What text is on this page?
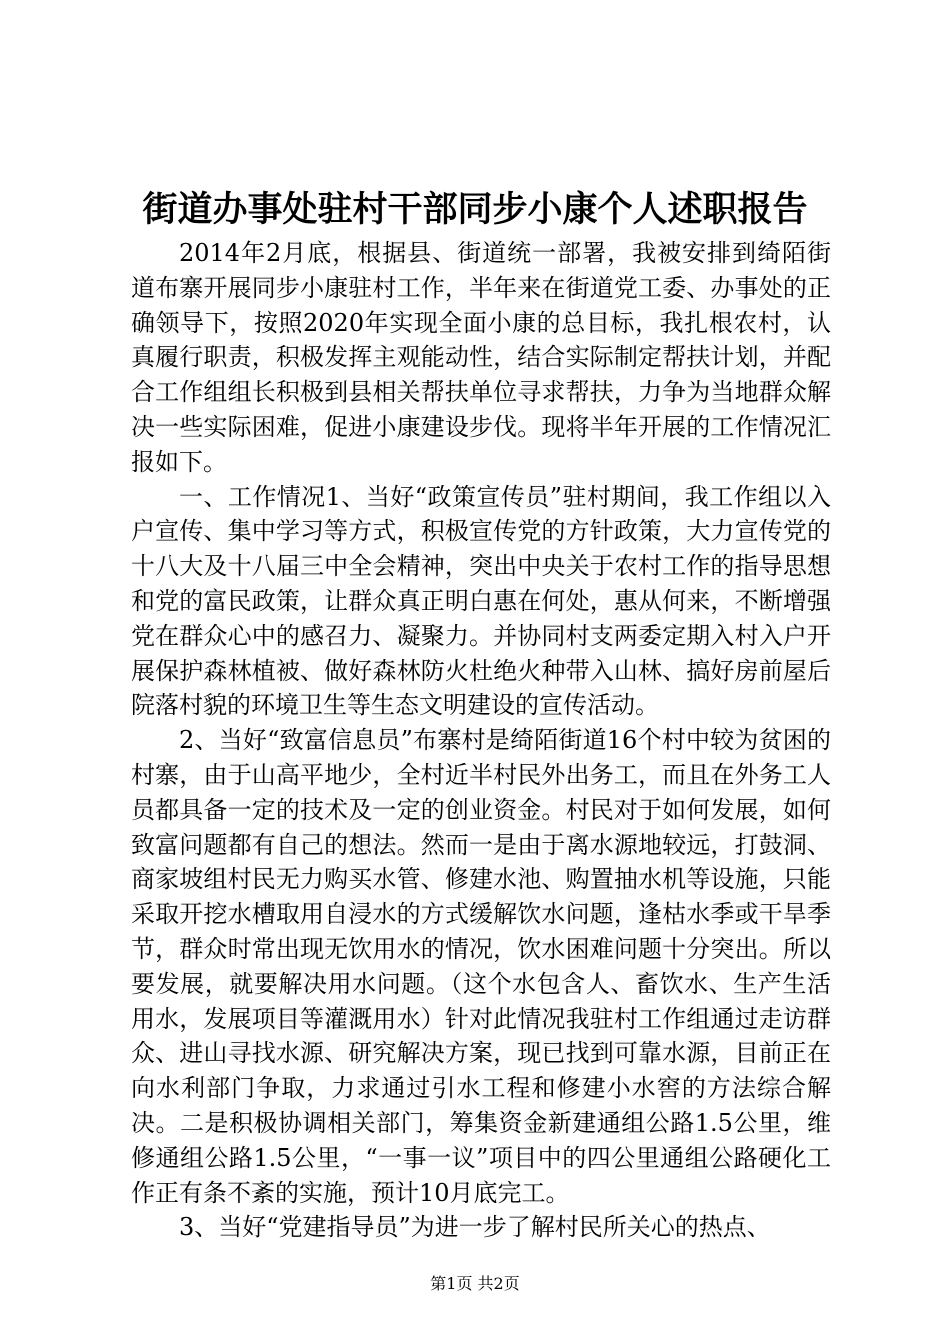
街道办事处驻村干部同步小康个人述职报告

2014年2月底，根据县、街道统一部署，我被安排到绮陌街道布寨开展同步小康驻村工作，半年来在街道党工委、办事处的正确领导下，按照2020年实现全面小康的总目标，我扎根农村，认真履行职责，积极发挥主观能动性，结合实际制定帮扶计划，并配合工作组组长积极到县相关帮扶单位寻求帮扶，力争为当地群众解决一些实际困难，促进小康建设步伐。现将半年开展的工作情况汇报如下。

一、工作情况1、当好“政策宣传员”驻村期间，我工作组以入户宣传、集中学习等方式，积极宣传党的方针政策，大力宣传党的十八大及十八届三中全会精神，突出中央关于农村工作的指导思想和党的富民政策，让群众真正明白惠在何处，惠从何来，不断增强党在群众心中的感召力、凝聚力。并协同村支两委定期入村入户开展保护森林植被、做好森林防火杜绝火种带入山林、搞好房前屋后院落村貌的环境卫生等生态文明建设的宣传活动。

2、当好“致富信息员”布寨村是绮陌街道16个村中较为贫困的村寨，由于山高平地少，全村近半村民外出务工，而且在外务工人员都具备一定的技术及一定的创业资金。村民对于如何发展，如何致富问题都有自己的想法。然而一是由于离水源地较远，打鼓洞、商家坡组村民无力购买水管、修建水池、购置抽水机等设施，只能采取开挖水槽取用自浸水的方式缓解饮水问题，逢枯水季或干旱季节，群众时常出现无饮用水的情况，饮水困难问题十分突出。所以要发展，就要解决用水问题。（这个水包含人、畜饮水、生产生活用水，发展项目等灌溉用水）针对此情况我驻村工作组通过走访群众、进山寻找水源、研究解决方案，现已找到可靠水源，目前正在向水利部门争取，力求通过引水工程和修建小水窖的方法综合解决。二是积极协调相关部门，筹集资金新建通组公路1.5公里，维修通组公路1.5公里，“一事一议”项目中的四公里通组公路硬化工作正有条不紊的实施，预计10月底完工。

3、当好“党建指导员”为进一步了解村民所关心的热点、

第1页 共2页
